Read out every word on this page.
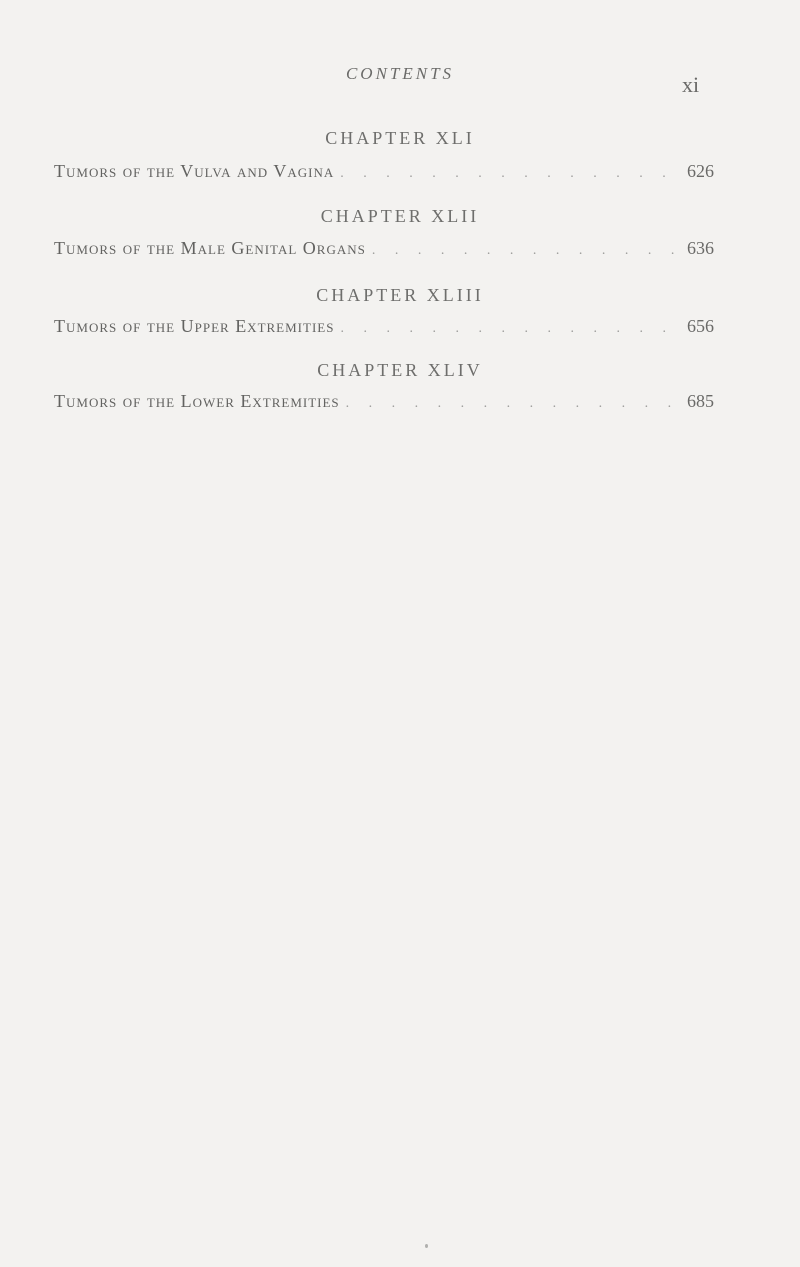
CONTENTS	xi
CHAPTER XLI
Tumors of the Vulva and Vagina . . .	626
CHAPTER XLII
Tumors of the Male Genital Organs . . .	636
CHAPTER XLIII
Tumors of the Upper Extremities . . .	656
CHAPTER XLIV
Tumors of the Lower Extremities . . .	685
